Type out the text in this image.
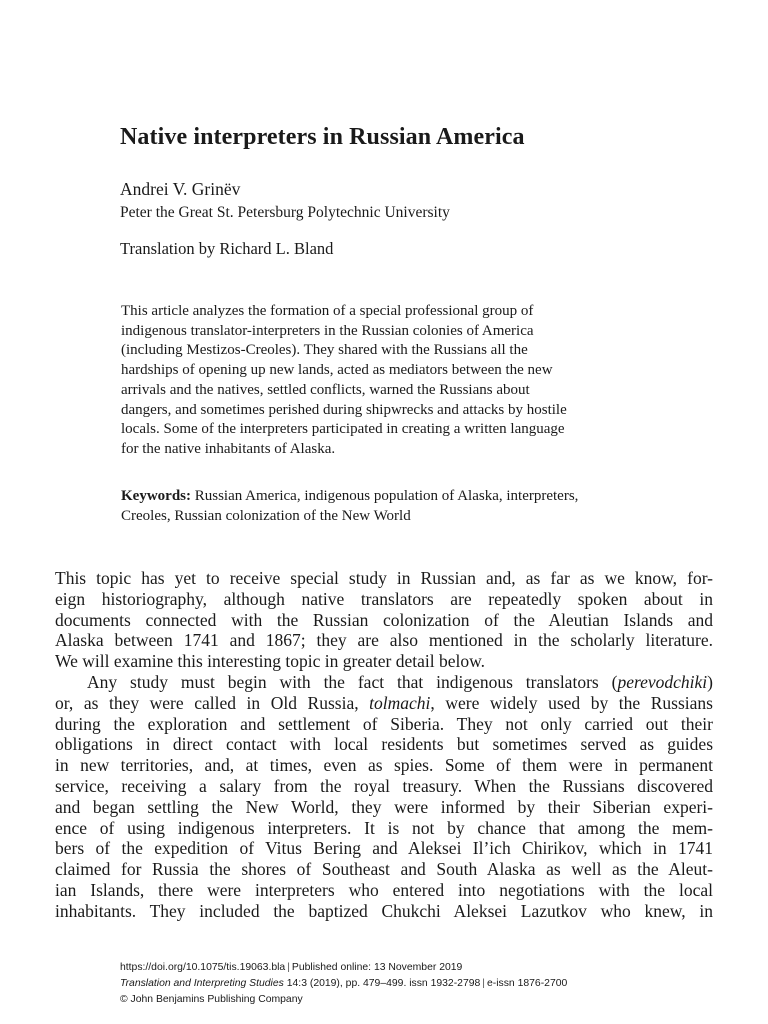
Native interpreters in Russian America
Andrei V. Grinëv
Peter the Great St. Petersburg Polytechnic University
Translation by Richard L. Bland
This article analyzes the formation of a special professional group of
indigenous translator-interpreters in the Russian colonies of America
(including Mestizos-Creoles). They shared with the Russians all the
hardships of opening up new lands, acted as mediators between the new
arrivals and the natives, settled conflicts, warned the Russians about
dangers, and sometimes perished during shipwrecks and attacks by hostile
locals. Some of the interpreters participated in creating a written language
for the native inhabitants of Alaska.
Keywords: Russian America, indigenous population of Alaska, interpreters,
Creoles, Russian colonization of the New World
This topic has yet to receive special study in Russian and, as far as we know, for-
eign historiography, although native translators are repeatedly spoken about in
documents connected with the Russian colonization of the Aleutian Islands and
Alaska between 1741 and 1867; they are also mentioned in the scholarly literature.
We will examine this interesting topic in greater detail below.
Any study must begin with the fact that indigenous translators (perevodchiki)
or, as they were called in Old Russia, tolmachi, were widely used by the Russians
during the exploration and settlement of Siberia. They not only carried out their
obligations in direct contact with local residents but sometimes served as guides
in new territories, and, at times, even as spies. Some of them were in permanent
service, receiving a salary from the royal treasury. When the Russians discovered
and began settling the New World, they were informed by their Siberian experi-
ence of using indigenous interpreters. It is not by chance that among the mem-
bers of the expedition of Vitus Bering and Aleksei Il’ich Chirikov, which in 1741
claimed for Russia the shores of Southeast and South Alaska as well as the Aleut-
ian Islands, there were interpreters who entered into negotiations with the local
inhabitants. They included the baptized Chukchi Aleksei Lazutkov who knew, in
https://doi.org/10.1075/tis.19063.bla | Published online: 13 November 2019
Translation and Interpreting Studies 14:3 (2019), pp. 479–499. issn 1932-2798 | e-issn 1876-2700
© John Benjamins Publishing Company
